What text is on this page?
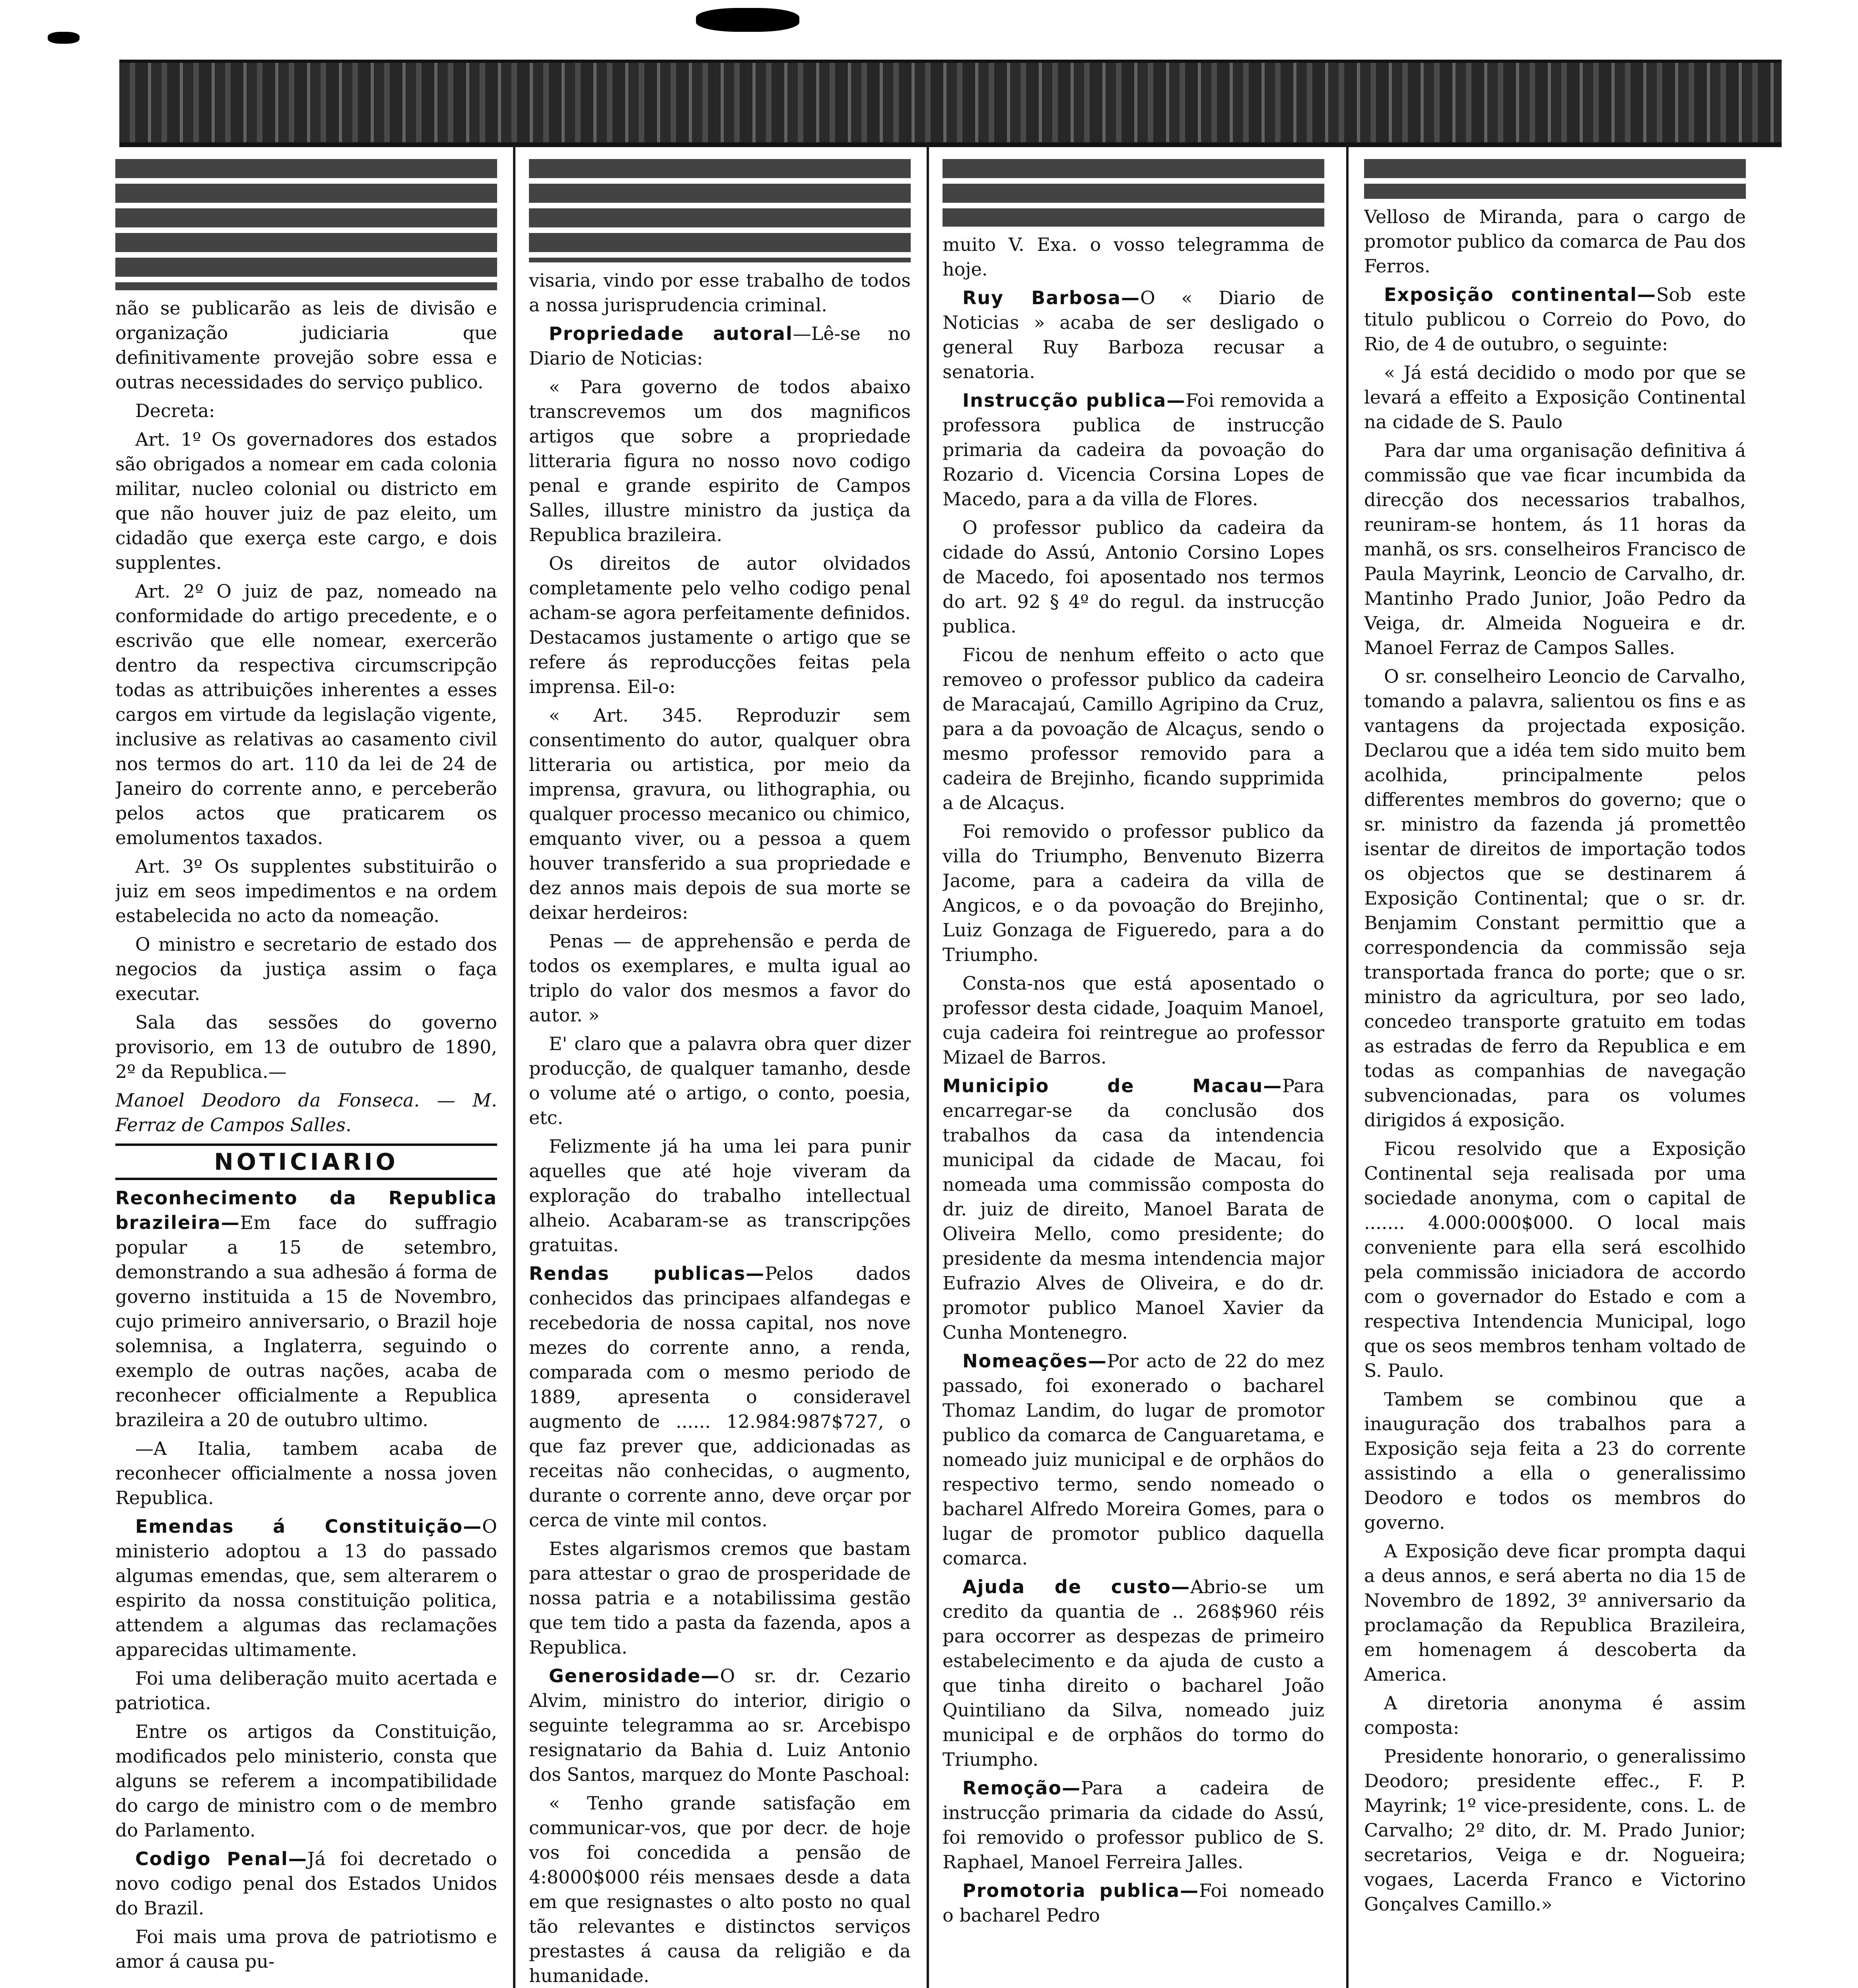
não se publicarão as leis de divisão e organização judiciaria que definitivamente provejão sobre essa e outras necessidades do serviço publico.

Decreta:

Art. 1º Os governadores dos estados são obrigados a nomear em cada colonia militar, nucleo colonial ou districto em que não houver juiz de paz eleito, um cidadão que exerça este cargo, e dois supplentes.

Art. 2º O juiz de paz, nomeado na conformidade do artigo precedente, e o escrivão que elle nomear, exercerão dentro da respectiva circumscripção todas as attribuições inherentes a esses cargos em virtude da legislação vigente, inclusive as relativas ao casamento civil nos termos do art. 110 da lei de 24 de Janeiro do corrente anno, e perceberão pelos actos que praticarem os emolumentos taxados.

Art. 3º Os supplentes substituirão o juiz em seos impedimentos e na ordem estabelecida no acto da nomeação.

O ministro e secretario de estado dos negocios da justiça assim o faça executar.

Sala das sessões do governo provisorio, em 13 de outubro de 1890, 2º da Republica.—

Manoel Deodoro da Fonseca. — M. Ferraz de Campos Salles.

NOTICIARIO

Reconhecimento da Republica brazileira—Em face do suffragio popular a 15 de setembro, demonstrando a sua adhesão á forma de governo instituida a 15 de Novembro, cujo primeiro anniversario, o Brazil hoje solemnisa, a Inglaterra, seguindo o exemplo de outras nações, acaba de reconhecer officialmente a Republica brazileira a 20 de outubro ultimo.

—A Italia, tambem acaba de reconhecer officialmente a nossa joven Republica.

Emendas á Constituição—O ministerio adoptou a 13 do passado algumas emendas, que, sem alterarem o espirito da nossa constituição politica, attendem a algumas das reclamações apparecidas ultimamente.

Foi uma deliberação muito acertada e patriotica.

Entre os artigos da Constituição, modificados pelo ministerio, consta que alguns se referem a incompatibilidade do cargo de ministro com o de membro do Parlamento.

Codigo Penal—Já foi decretado o novo codigo penal dos Estados Unidos do Brazil.

Foi mais uma prova de patriotismo e amor á causa pu-

visaria, vindo por esse trabalho de todos a nossa jurisprudencia criminal.

Propriedade autoral—Lê-se no Diario de Noticias:

« Para governo de todos abaixo transcrevemos um dos magnificos artigos que sobre a propriedade litteraria figura no nosso novo codigo penal e grande espirito de Campos Salles, illustre ministro da justiça da Republica brazileira.

Os direitos de autor olvidados completamente pelo velho codigo penal acham-se agora perfeitamente definidos. Destacamos justamente o artigo que se refere ás reproducções feitas pela imprensa. Eil-o:

« Art. 345. Reproduzir sem consentimento do autor, qualquer obra litteraria ou artistica, por meio da imprensa, gravura, ou lithographia, ou qualquer processo mecanico ou chimico, emquanto viver, ou a pessoa a quem houver transferido a sua propriedade e dez annos mais depois de sua morte se deixar herdeiros:

Penas — de apprehensão e perda de todos os exemplares, e multa igual ao triplo do valor dos mesmos a favor do autor. »

E' claro que a palavra obra quer dizer producção, de qualquer tamanho, desde o volume até o artigo, o conto, poesia, etc.

Felizmente já ha uma lei para punir aquelles que até hoje viveram da exploração do trabalho intellectual alheio. Acabaram-se as transcripções gratuitas.

Rendas publicas—Pelos dados conhecidos das principaes alfandegas e recebedoria de nossa capital, nos nove mezes do corrente anno, a renda, comparada com o mesmo periodo de 1889, apresenta o consideravel augmento de ...... 12.984:987$727, o que faz prever que, addicionadas as receitas não conhecidas, o augmento, durante o corrente anno, deve orçar por cerca de vinte mil contos.

Estes algarismos cremos que bastam para attestar o grao de prosperidade de nossa patria e a notabilissima gestão que tem tido a pasta da fazenda, apos a Republica.

Generosidade—O sr. dr. Cezario Alvim, ministro do interior, dirigio o seguinte telegramma ao sr. Arcebispo resignatario da Bahia d. Luiz Antonio dos Santos, marquez do Monte Paschoal:

« Tenho grande satisfação em communicar-vos, que por decr. de hoje vos foi concedida a pensão de 4:8000$000 réis mensaes desde a data em que resignastes o alto posto no qual tão relevantes e distinctos serviços prestastes á causa da religião e da humanidade.

muito V. Exa. o vosso telegramma de hoje.

Ruy Barbosa—O « Diario de Noticias » acaba de ser desligado o general Ruy Barboza recusar a senatoria.

Instrucção publica—Foi removida a professora publica de instrucção primaria da cadeira da povoação do Rozario d. Vicencia Corsina Lopes de Macedo, para a da villa de Flores.

O professor publico da cadeira da cidade do Assú, Antonio Corsino Lopes de Macedo, foi aposentado nos termos do art. 92 § 4º do regul. da instrucção publica.

Ficou de nenhum effeito o acto que removeo o professor publico da cadeira de Maracajaú, Camillo Agripino da Cruz, para a da povoação de Alcaçus, sendo o mesmo professor removido para a cadeira de Brejinho, ficando supprimida a de Alcaçus.

Foi removido o professor publico da villa do Triumpho, Benvenuto Bizerra Jacome, para a cadeira da villa de Angicos, e o da povoação do Brejinho, Luiz Gonzaga de Figueredo, para a do Triumpho.

Consta-nos que está aposentado o professor desta cidade, Joaquim Manoel, cuja cadeira foi reintregue ao professor Mizael de Barros.

Municipio de Macau—Para encarregar-se da conclusão dos trabalhos da casa da intendencia municipal da cidade de Macau, foi nomeada uma commissão composta do dr. juiz de direito, Manoel Barata de Oliveira Mello, como presidente; do presidente da mesma intendencia major Eufrazio Alves de Oliveira, e do dr. promotor publico Manoel Xavier da Cunha Montenegro.

Nomeações—Por acto de 22 do mez passado, foi exonerado o bacharel Thomaz Landim, do lugar de promotor publico da comarca de Canguaretama, e nomeado juiz municipal e de orphãos do respectivo termo, sendo nomeado o bacharel Alfredo Moreira Gomes, para o lugar de promotor publico daquella comarca.

Ajuda de custo—Abrio-se um credito da quantia de .. 268$960 réis para occorrer as despezas de primeiro estabelecimento e da ajuda de custo a que tinha direito o bacharel João Quintiliano da Silva, nomeado juiz municipal e de orphãos do tormo do Triumpho.

Remoção—Para a cadeira de instrucção primaria da cidade do Assú, foi removido o professor publico de S. Raphael, Manoel Ferreira Jalles.

Promotoria publica—Foi nomeado o bacharel Pedro

Velloso de Miranda, para o cargo de promotor publico da comarca de Pau dos Ferros.

Exposição continental—Sob este titulo publicou o Correio do Povo, do Rio, de 4 de outubro, o seguinte:

« Já está decidido o modo por que se levará a effeito a Exposição Continental na cidade de S. Paulo

Para dar uma organisação definitiva á commissão que vae ficar incumbida da direcção dos necessarios trabalhos, reuniram-se hontem, ás 11 horas da manhã, os srs. conselheiros Francisco de Paula Mayrink, Leoncio de Carvalho, dr. Mantinho Prado Junior, João Pedro da Veiga, dr. Almeida Nogueira e dr. Manoel Ferraz de Campos Salles.

O sr. conselheiro Leoncio de Carvalho, tomando a palavra, salientou os fins e as vantagens da projectada exposição. Declarou que a idéa tem sido muito bem acolhida, principalmente pelos differentes membros do governo; que o sr. ministro da fazenda já promettêo isentar de direitos de importação todos os objectos que se destinarem á Exposição Continental; que o sr. dr. Benjamim Constant permittio que a correspondencia da commissão seja transportada franca do porte; que o sr. ministro da agricultura, por seo lado, concedeo transporte gratuito em todas as estradas de ferro da Republica e em todas as companhias de navegação subvencionadas, para os volumes dirigidos á exposição.

Ficou resolvido que a Exposição Continental seja realisada por uma sociedade anonyma, com o capital de ....... 4.000:000$000. O local mais conveniente para ella será escolhido pela commissão iniciadora de accordo com o governador do Estado e com a respectiva Intendencia Municipal, logo que os seos membros tenham voltado de S. Paulo.

Tambem se combinou que a inauguração dos trabalhos para a Exposição seja feita a 23 do corrente assistindo a ella o generalissimo Deodoro e todos os membros do governo.

A Exposição deve ficar prompta daqui a deus annos, e será aberta no dia 15 de Novembro de 1892, 3º anniversario da proclamação da Republica Brazileira, em homenagem á descoberta da America.

A diretoria anonyma é assim composta:

Presidente honorario, o generalissimo Deodoro; presidente effec., F. P. Mayrink; 1º vice-presidente, cons. L. de Carvalho; 2º dito, dr. M. Prado Junior; secretarios, Veiga e dr. Nogueira; vogaes, Lacerda Franco e Victorino Gonçalves Camillo.»
